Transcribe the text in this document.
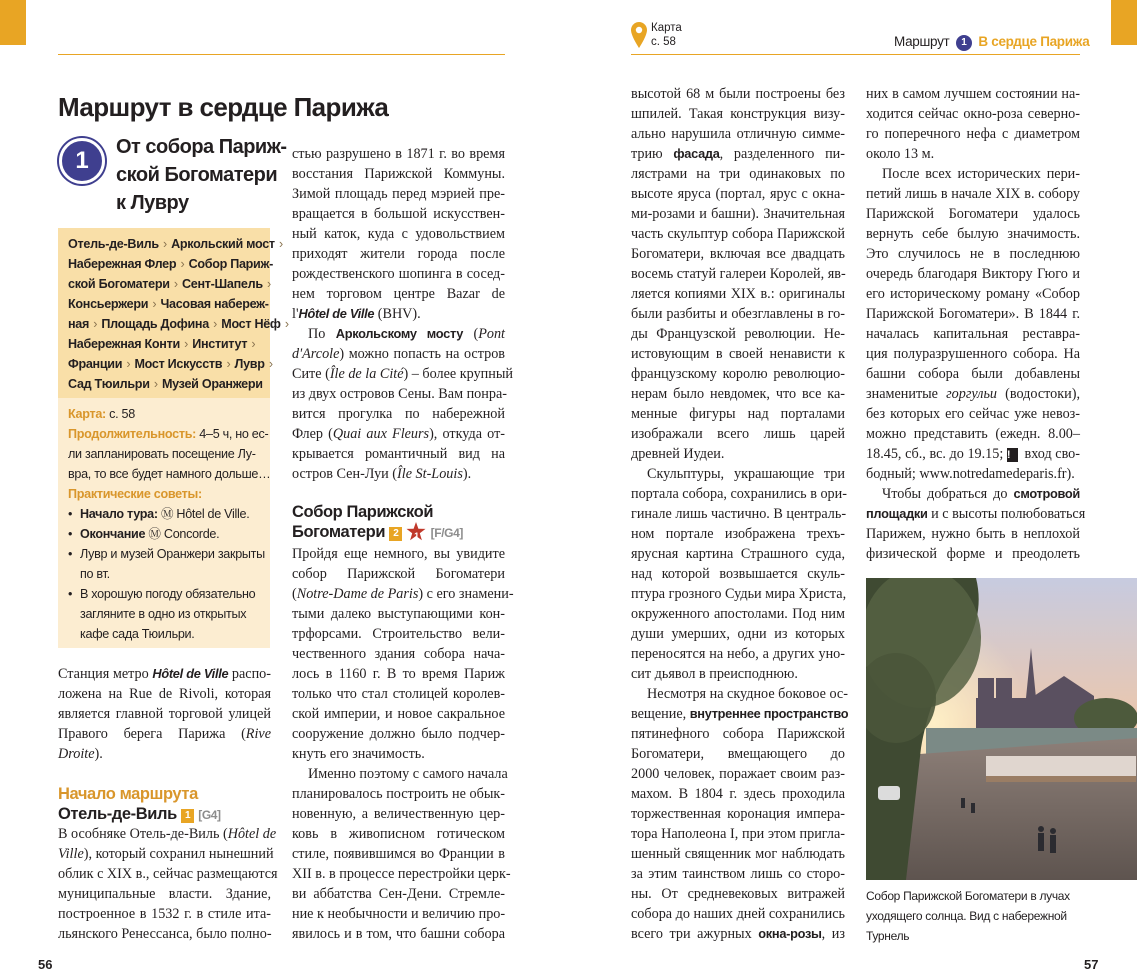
Маршрут в сердце Парижа
1	От собора Париж-
ской Богоматери
к Лувру
Отель-де-Виль › Аркольский мост ›
Набережная Флер › Собор Париж-
ской Богоматери › Сент-Шапель ›
Консьержери › Часовая набереж-
ная › Площадь Дофина › Мост Нёф ›
Набережная Конти › Институт ›
Франции › Мост Искусств › Лувр ›
Сад Тюильри › Музей Оранжери
Карта: с. 58
Продолжительность: 4–5 ч, но ес-
ли запланировать посещение Лу-
вра, то все будет намного дольше…
Практические советы:
• Начало тура: Ⓜ Hôtel de Ville.
• Окончание Ⓜ Concorde.
• Лувр и музей Оранжери закрыты
по вт.
• В хорошую погоду обязательно
загляните в одно из открытых
кафе сада Тюильри.
Станция метро Hôtel de Ville распо-
ложена на Rue de Rivoli, которая
является главной торговой улицей
Правого берега Парижа (Rive
Droite).
Начало маршрута
Отель-де-Виль 1 [G4]
В особняке Отель-де-Виль (Hôtel de
Ville), который сохранил нынешний
облик с XIX в., сейчас размещаются
муниципальные власти. Здание,
построенное в 1532 г. в стиле ита-
льянского Ренессанса, было полно-
стью разрушено в 1871 г. во время
восстания Парижской Коммуны.
Зимой площадь перед мэрией пре-
вращается в большой искусствен-
ный каток, куда с удовольствием
приходят жители города после
рождественского шопинга в сосед-
нем торговом центре Bazar de
l'Hôtel de Ville (BHV).
По Аркольскому мосту (Pont
d'Arcole) можно попасть на остров
Сите (Île de la Cité) – более крупный
из двух островов Сены. Вам понра-
вится прогулка по набережной
Флер (Quai aux Fleurs), откуда от-
крывается романтичный вид на
остров Сен-Луи (Île St-Louis).
Собор Парижской
Богоматери 2	1 [F/G4]
Пройдя еще немного, вы увидите
собор Парижской Богоматери
(Notre-Dame de Paris) с его знамени-
тыми далеко выступающими кон-
трфорсами. Строительство вели-
чественного здания собора нача-
лось в 1160 г. В то время Париж
только что стал столицей королев-
ской империи, и новое сакральное
сооружение должно было подчер-
кнуть его значимость.
Именно поэтому с самого начала
планировалось построить не обык-
новенную, а величественную цер-
ковь в живописном готическом
стиле, появившимся во Франции в
XII в. в процессе перестройки церк-
ви аббатства Сен-Дени. Стремле-
ние к необычности и величию про-
явилось и в том, что башни собора
56
Карта
с. 58	Маршрут 1 В сердце Парижа
высотой 68 м были построены без
шпилей. Такая конструкция визу-
ально нарушила отличную симме-
трию фасада, разделенного пи-
лястрами на три одинаковых по
высоте яруса (портал, ярус с окна-
ми-розами и башни). Значительная
часть скульптур собора Парижской
Богоматери, включая все двадцать
восемь статуй галереи Королей, яв-
ляется копиями XIX в.: оригиналы
были разбиты и обезглавлены в го-
ды Французской революции. Не-
истовующим в своей ненависти к
французскому королю революцио-
нерам было невдомек, что все ка-
менные фигуры над порталами
изображали всего лишь царей
древней Иудеи.
Скульптуры, украшающие три
портала собора, сохранились в ори-
гинале лишь частично. В централь-
ном портале изображена трехъ-
ярусная картина Страшного суда,
над которой возвышается скуль-
птура грозного Судьи мира Христа,
окруженного апостолами. Под ним
души умерших, одни из которых
переносятся на небо, а других уно-
сит дьявол в преисподнюю.
Несмотря на скудное боковое ос-
вещение, внутреннее пространство
пятинефного собора Парижской
Богоматери, вмещающего до
2000 человек, поражает своим раз-
махом. В 1804 г. здесь проходила
торжественная коронация импера-
тора Наполеона I, при этом пригла-
шенный священник мог наблюдать
за этим таинством лишь со сторо-
ны. От средневековых витражей
собора до наших дней сохранились
всего три ажурных окна-розы, из
них в самом лучшем состоянии на-
ходится сейчас окно-роза северно-
го поперечного нефа с диаметром
около 13 м.
После всех исторических пери-
петий лишь в начале XIX в. собору
Парижской Богоматери удалось
вернуть себе былую значимость.
Это случилось не в последнюю
очередь благодаря Виктору Гюго и
его историческому роману «Собор
Парижской Богоматери». В 1844 г.
началась капитальная реставра-
ция полуразрушенного собора. На
башни собора были добавлены
знаменитые горгульи (водостоки),
без которых его сейчас уже невоз-
можно представить (ежедн. 8.00–
18.45, сб., вс. до 19.15; ! вход сво-
бодный; www.notredamedeparis.fr).
Чтобы добраться до смотровой
площадки и с высоты полюбоваться
Парижем, нужно быть в неплохой
физической форме и преодолеть
Собор Парижской Богоматери в лучах
уходящего солнца. Вид с набережной
Турнель
57
